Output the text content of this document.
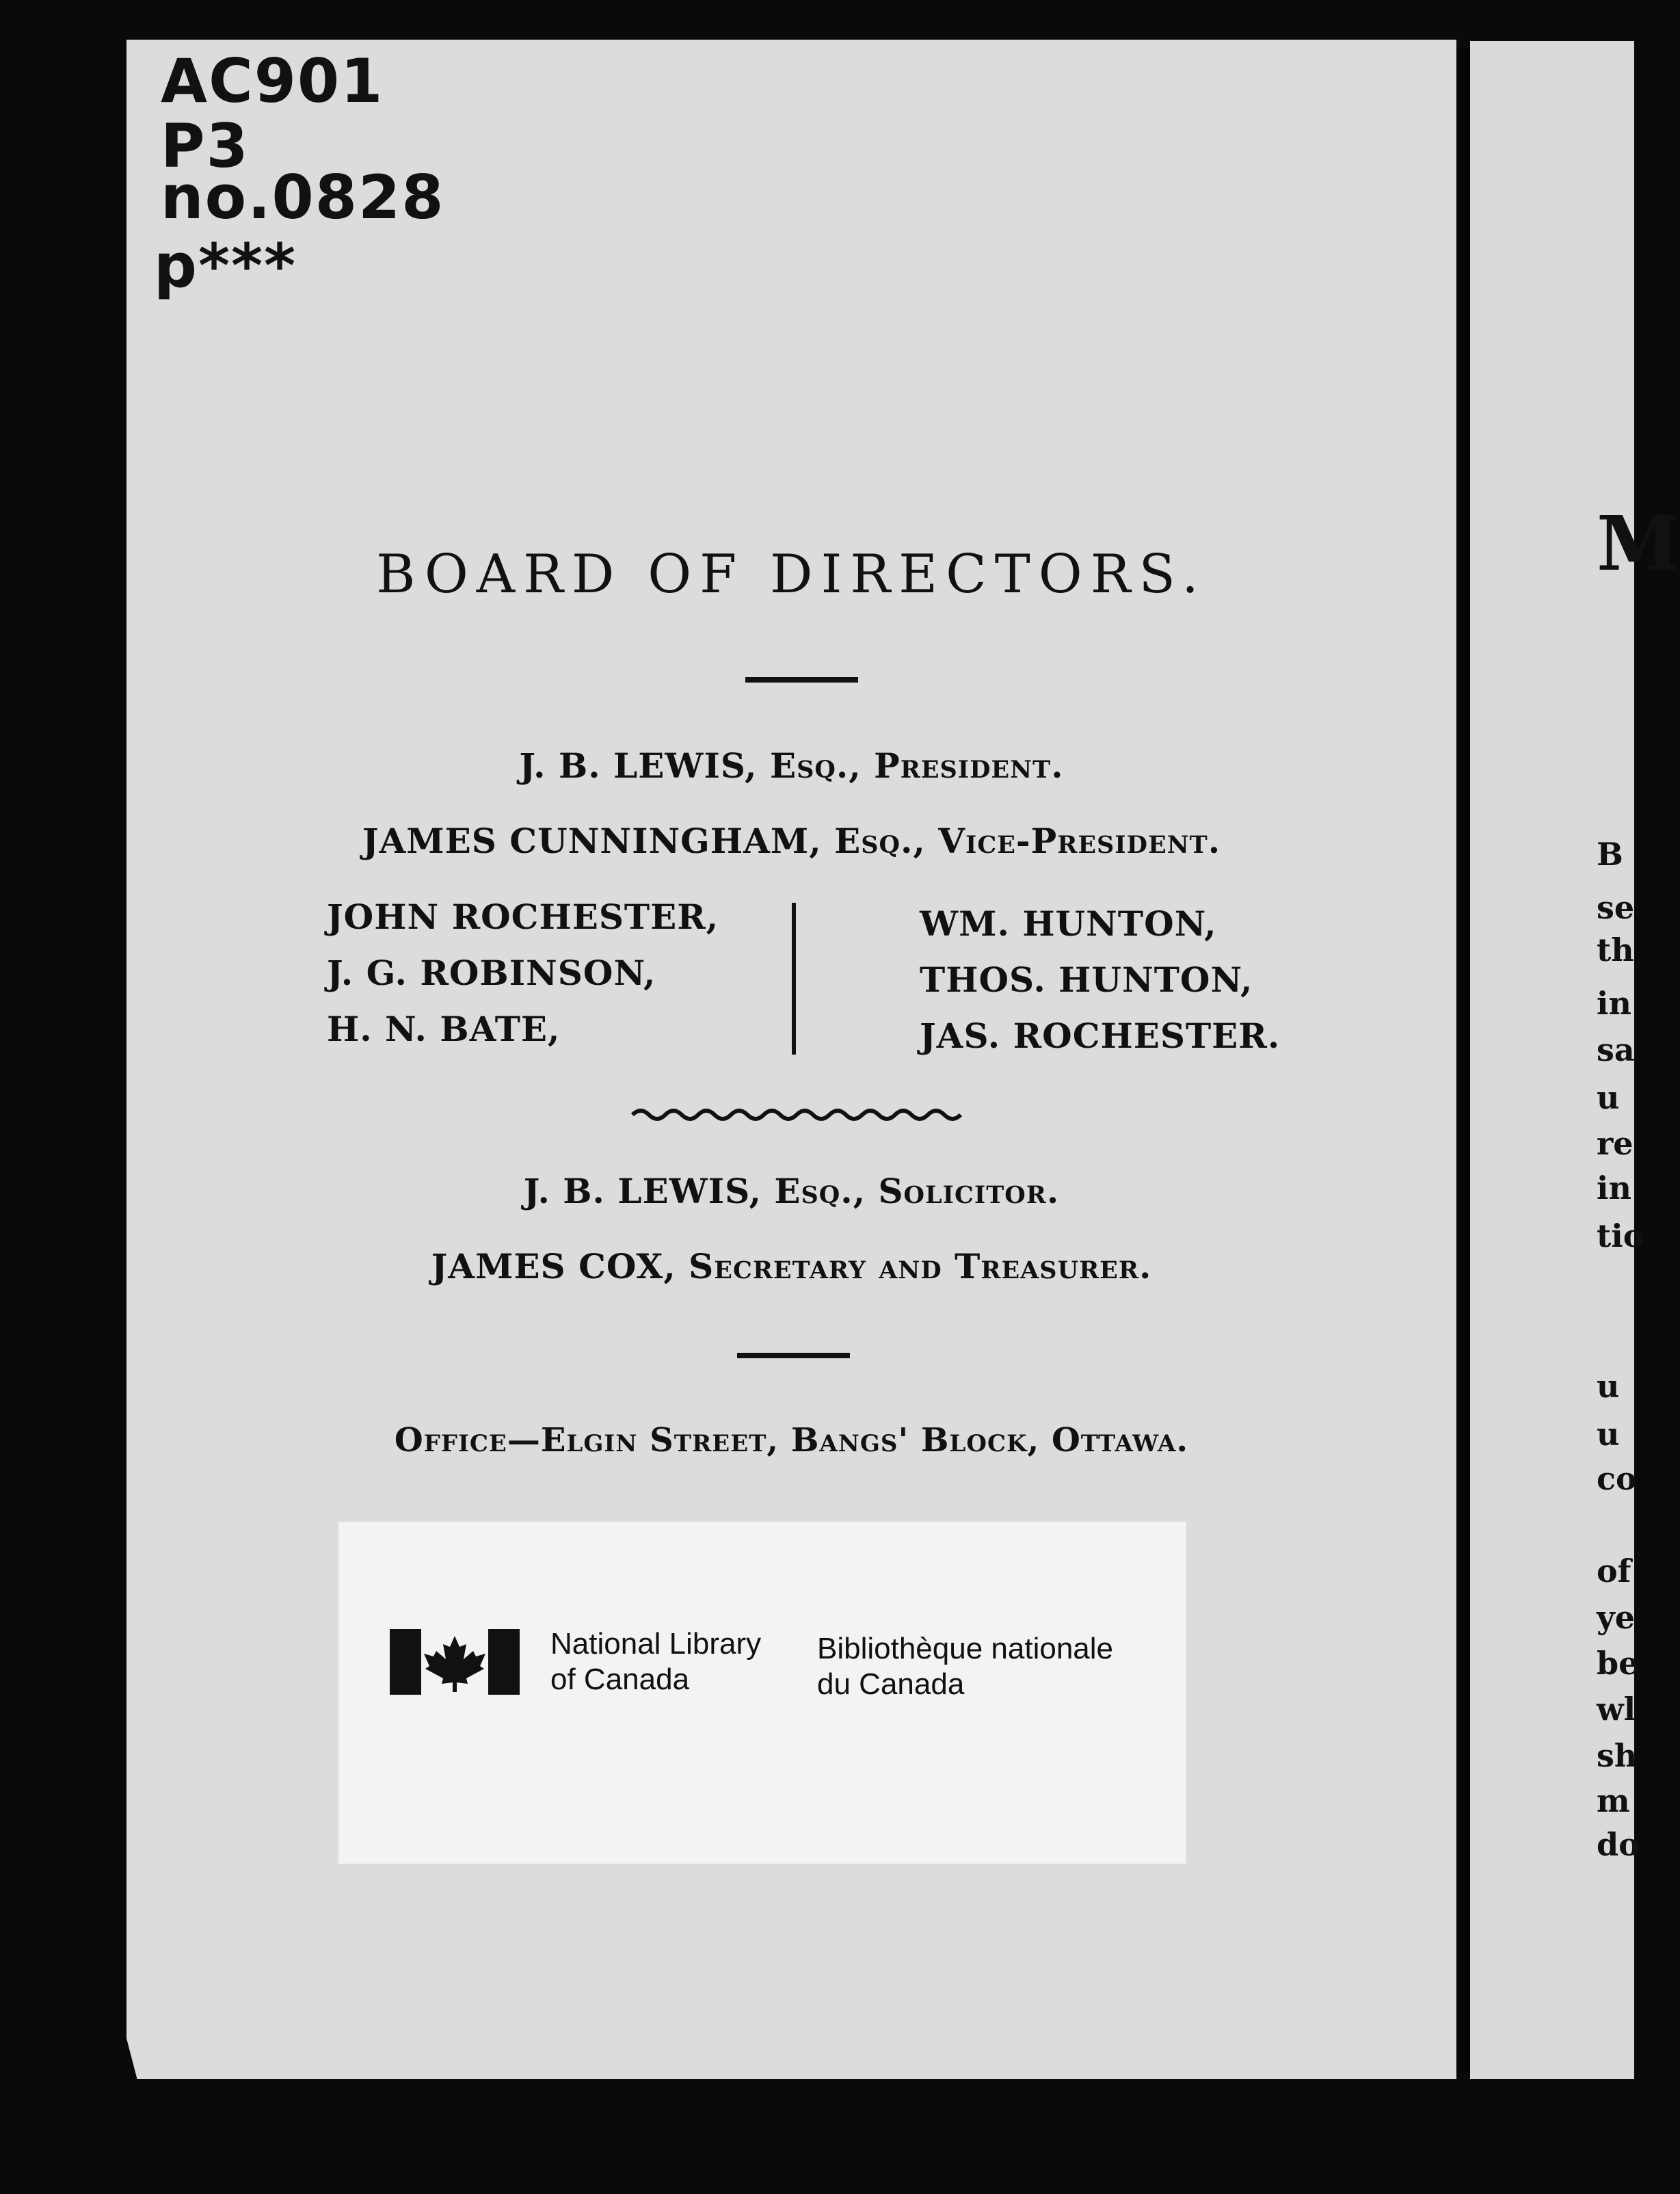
AC901
P3
no.0828
p***
BOARD OF DIRECTORS.
J. B. LEWIS, Esq., President.
JAMES CUNNINGHAM, Esq., Vice-President.
JOHN ROCHESTER,
J. G. ROBINSON,
H. N. BATE,
WM. HUNTON,
THOS. HUNTON,
JAS. ROCHESTER.
J. B. LEWIS, Esq., Solicitor.
JAMES COX, Secretary and Treasurer.
Office—Elgin Street, Bangs' Block, Ottawa.
National Library
of Canada
Bibliothèque nationale
du Canada
M
B
se
th
in
sa
u
re
in
tio
u
u
co
of
ye
be
wl
sh
m
do
